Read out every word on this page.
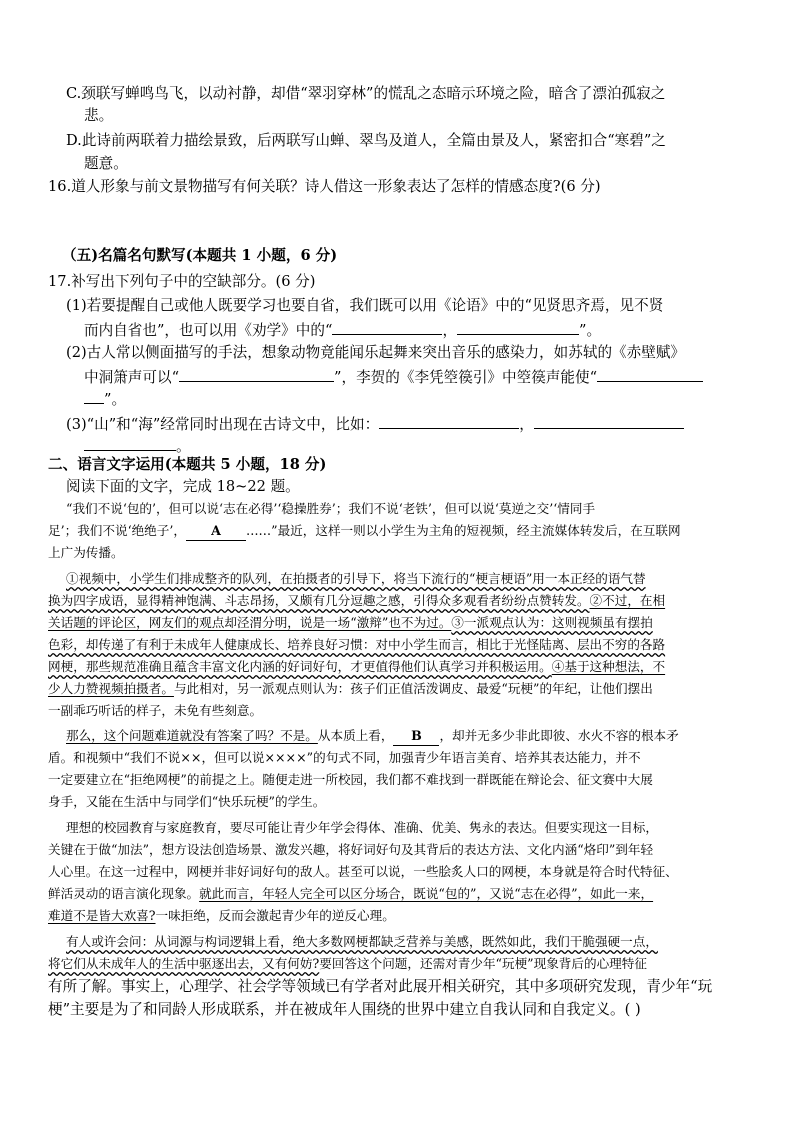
C.颈联写蝉鸣鸟飞，以动衬静，却借“翠羽穿林”的慌乱之态暗示环境之险，暗含了漂泊孤寂之
悲。
D.此诗前两联着力描绘景致，后两联写山蝉、翠鸟及道人，全篇由景及人，紧密扣合“寒碧”之
题意。
16.道人形象与前文景物描写有何关联？诗人借这一形象表达了怎样的情感态度?(6 分)
（五)名篇名句默写(本题共 1 小题，6 分)
17.补写出下列句子中的空缺部分。(6 分)
(1)若要提醒自己或他人既要学习也要自省，我们既可以用《论语》中的“见贤思齐焉，见不贤
而内自省也”，也可以用《劝学》中的“	，	”。
(2)古人常以侧面描写的手法，想象动物竟能闻乐起舞来突出音乐的感染力，如苏轼的《赤壁赋》
中洞箫声可以“	”，李贺的《李凭箜篌引》中箜篌声能使“
”。
(3)“山”和“海”经常同时出现在古诗文中，比如：	，
。
二、语言文字运用(本题共 5 小题，18 分)
阅读下面的文字，完成 18~22 题。
“我们不说‘包的’，但可以说‘志在必得’‘稳操胜券’；我们不说‘老铁’，但可以说‘莫逆之交’‘情同手
足’；我们不说‘绝绝子’， A ……”最近，这样一则以小学生为主角的短视频，经主流媒体转发后，在互联网
上广为传播。
①视频中，小学生们排成整齐的队列，在拍摄者的引导下，将当下流行的“梗言梗语”用一本正经的语气替
换为四字成语，显得精神饱满、斗志昂扬，又颇有几分逗趣之感，引得众多观看者纷纷点赞转发。②不过，在相
关话题的评论区，网友们的观点却泾渭分明，说是一场“激辩”也不为过。③一派观点认为：这则视频虽有摆拍
色彩，却传递了有利于未成年人健康成长、培养良好习惯：对中小学生而言，相比于光怪陆离、层出不穷的各路
网梗，那些规范准确且蕴含丰富文化内涵的好词好句，才更值得他们认真学习并积极运用。④基于这种想法，不
少人力赞视频拍摄者。与此相对，另一派观点则认为：孩子们正值活泼调皮、最爱“玩梗”的年纪，让他们摆出
一副乖巧听话的样子，未免有些刻意。
那么，这个问题难道就没有答案了吗？不是。从本质上看， B ，却并无多少非此即彼、水火不容的根本矛
盾。和视频中“我们不说××，但可以说××××”的句式不同，加强青少年语言美育、培养其表达能力，并不
一定要建立在“拒绝网梗”的前提之上。随便走进一所校园，我们都不难找到一群既能在辩论会、征文赛中大展
身手，又能在生活中与同学们“快乐玩梗”的学生。
理想的校园教育与家庭教育，要尽可能让青少年学会得体、准确、优美、隽永的表达。但要实现这一目标，
关键在于做“加法”，想方设法创造场景、激发兴趣，将好词好句及其背后的表达方法、文化内涵“烙印”到年轻
人心里。在这一过程中，网梗并非好词好句的敌人。甚至可以说，一些脍炙人口的网梗，本身就是符合时代特征、
鲜活灵动的语言演化现象。就此而言，年轻人完全可以区分场合，既说“包的”，又说“志在必得”，如此一来，
难道不是皆大欢喜?一味拒绝，反而会激起青少年的逆反心理。
有人或许会问：从词源与构词逻辑上看，绝大多数网梗都缺乏营养与美感，既然如此，我们干脆强硬一点，
将它们从未成年人的生活中驱逐出去，又有何妨?要回答这个问题，还需对青少年“玩梗”现象背后的心理特征
有所了解。事实上，心理学、社会学等领域已有学者对此展开相关研究，其中多项研究发现，青少年“玩
梗”主要是为了和同龄人形成联系，并在被成年人围绕的世界中建立自我认同和自我定义。( )
